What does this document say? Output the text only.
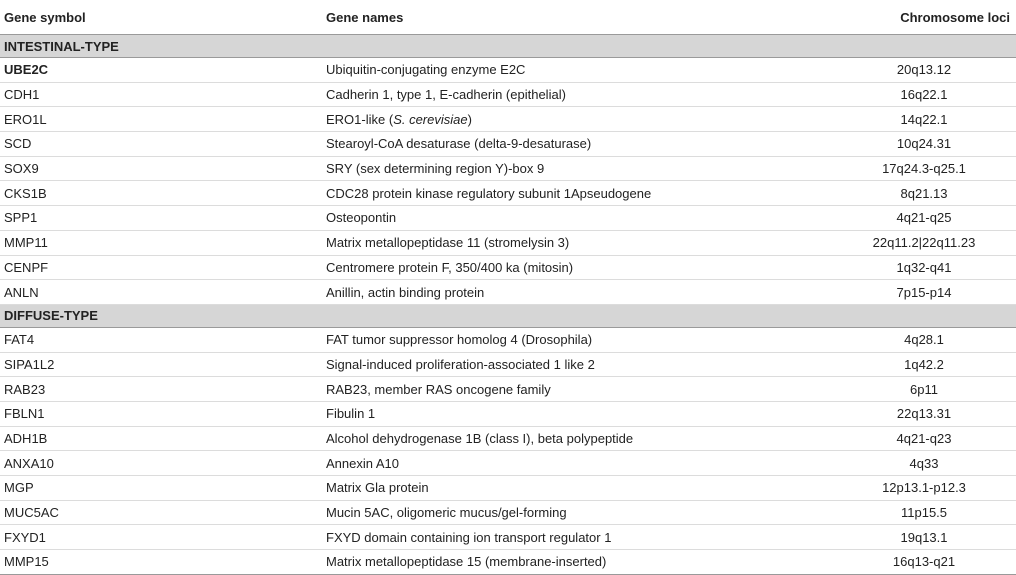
Gene symbol	Gene names	Chromosome loci
INTESTINAL-TYPE		
UBE2C	Ubiquitin-conjugating enzyme E2C	20q13.12
CDH1	Cadherin 1, type 1, E-cadherin (epithelial)	16q22.1
ERO1L	ERO1-like (S. cerevisiae)	14q22.1
SCD	Stearoyl-CoA desaturase (delta-9-desaturase)	10q24.31
SOX9	SRY (sex determining region Y)-box 9	17q24.3-q25.1
CKS1B	CDC28 protein kinase regulatory subunit 1Apseudogene	8q21.13
SPP1	Osteopontin	4q21-q25
MMP11	Matrix metallopeptidase 11 (stromelysin 3)	22q11.2|22q11.23
CENPF	Centromere protein F, 350/400 ka (mitosin)	1q32-q41
ANLN	Anillin, actin binding protein	7p15-p14
DIFFUSE-TYPE		
FAT4	FAT tumor suppressor homolog 4 (Drosophila)	4q28.1
SIPA1L2	Signal-induced proliferation-associated 1 like 2	1q42.2
RAB23	RAB23, member RAS oncogene family	6p11
FBLN1	Fibulin 1	22q13.31
ADH1B	Alcohol dehydrogenase 1B (class I), beta polypeptide	4q21-q23
ANXA10	Annexin A10	4q33
MGP	Matrix Gla protein	12p13.1-p12.3
MUC5AC	Mucin 5AC, oligomeric mucus/gel-forming	11p15.5
FXYD1	FXYD domain containing ion transport regulator 1	19q13.1
MMP15	Matrix metallopeptidase 15 (membrane-inserted)	16q13-q21
